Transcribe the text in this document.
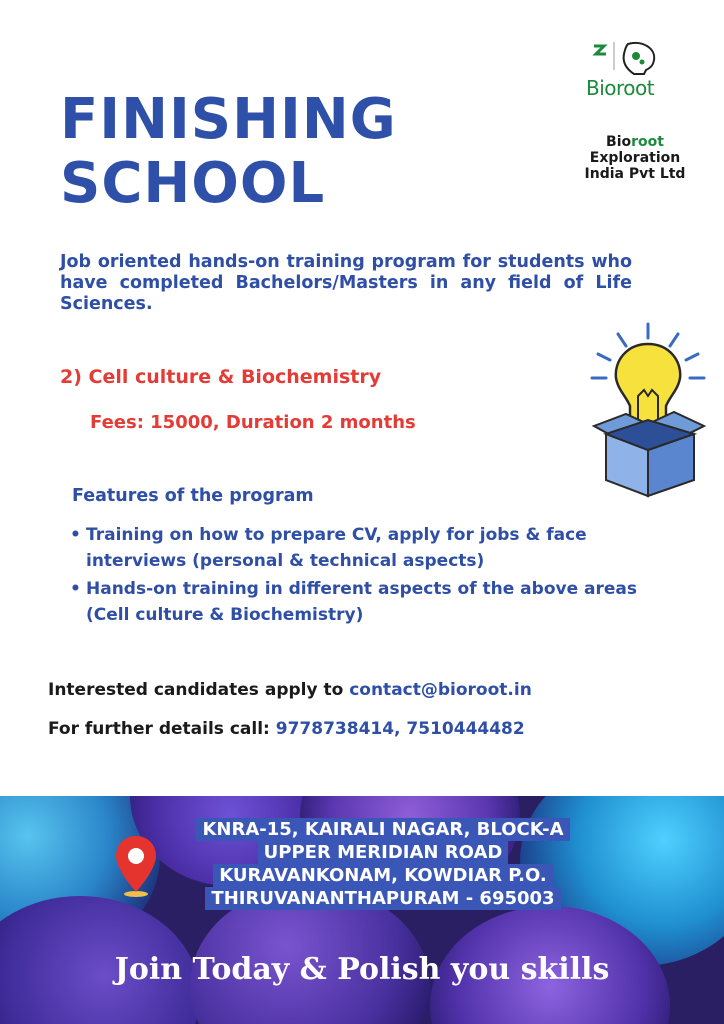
Bioroot
Bioroot
Exploration
India Pvt Ltd
FINISHING
SCHOOL
Job oriented hands-on training program for students who have completed Bachelors/Masters in any field of Life Sciences.
2) Cell culture & Biochemistry
Fees: 15000, Duration 2 months
Features of the program
• Training on how to prepare CV, apply for jobs & face interviews (personal & technical aspects)
• Hands-on training in different aspects of the above areas (Cell culture & Biochemistry)
Interested candidates apply to contact@bioroot.in
For further details call: 9778738414, 7510444482
KNRA-15, KAIRALI NAGAR, BLOCK-A
UPPER MERIDIAN ROAD
KURAVANKONAM, KOWDIAR P.O.
THIRUVANANTHAPURAM - 695003
Join Today & Polish you skills
